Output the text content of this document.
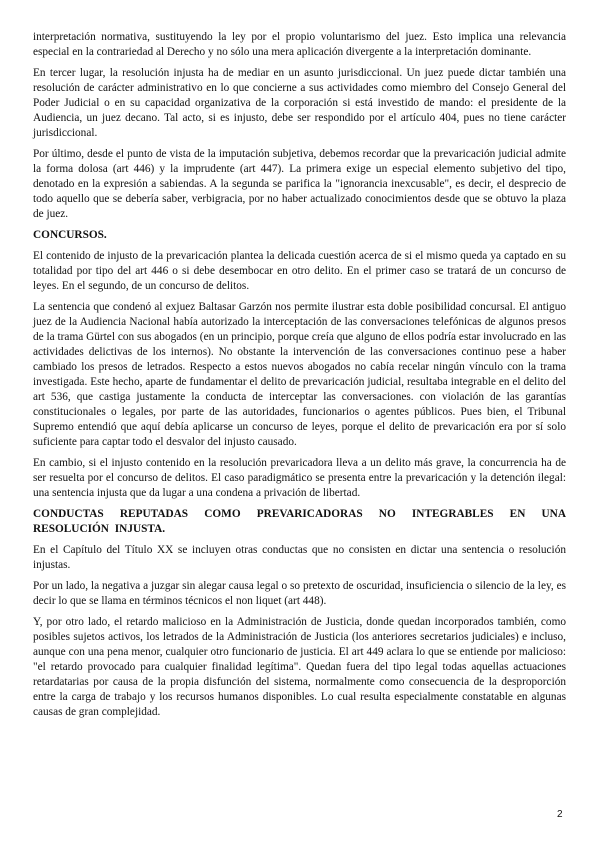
interpretación normativa, sustituyendo la ley por el propio voluntarismo del juez. Esto implica una relevancia especial en la contrariedad al Derecho y no sólo una mera aplicación divergente a la interpretación dominante.

En tercer lugar, la resolución injusta ha de mediar en un asunto jurisdiccional. Un juez puede dictar también una resolución de carácter administrativo en lo que concierne a sus actividades como miembro del Consejo General del Poder Judicial o en su capacidad organizativa de la corporación si está investido de mando: el presidente de la Audiencia, un juez decano. Tal acto, si es injusto, debe ser respondido por el artículo 404, pues no tiene carácter jurisdiccional.

Por último, desde el punto de vista de la imputación subjetiva, debemos recordar que la prevaricación judicial admite la forma dolosa (art 446) y la imprudente (art 447). La primera exige un especial elemento subjetivo del tipo, denotado en la expresión a sabiendas. A la segunda se parifica la "ignorancia inexcusable", es decir, el desprecio de todo aquello que se debería saber, verbigracia, por no haber actualizado conocimientos desde que se obtuvo la plaza de juez.

CONCURSOS.

El contenido de injusto de la prevaricación plantea la delicada cuestión acerca de si el mismo queda ya captado en su totalidad por tipo del art 446 o si debe desembocar en otro delito. En el primer caso se tratará de un concurso de leyes. En el segundo, de un concurso de delitos.

La sentencia que condenó al exjuez Baltasar Garzón nos permite ilustrar esta doble posibilidad concursal. El antiguo juez de la Audiencia Nacional había autorizado la interceptación de las conversaciones telefónicas de algunos presos de la trama Gürtel con sus abogados (en un principio, porque creía que alguno de ellos podría estar involucrado en las actividades delictivas de los internos). No obstante la intervención de las conversaciones continuo pese a haber cambiado los presos de letrados. Respecto a estos nuevos abogados no cabía recelar ningún vínculo con la trama investigada. Este hecho, aparte de fundamentar el delito de prevaricación judicial, resultaba integrable en el delito del art 536, que castiga justamente la conducta de interceptar las conversaciones. con violación de las garantías constitucionales o legales, por parte de las autoridades, funcionarios o agentes públicos. Pues bien, el Tribunal Supremo entendió que aquí debía aplicarse un concurso de leyes, porque el delito de prevaricación era por sí solo suficiente para captar todo el desvalor del injusto causado.

En cambio, si el injusto contenido en la resolución prevaricadora lleva a un delito más grave, la concurrencia ha de ser resuelta por el concurso de delitos. El caso paradigmático se presenta entre la prevaricación y la detención ilegal: una sentencia injusta que da lugar a una condena a privación de libertad.

CONDUCTAS REPUTADAS COMO PREVARICADORAS NO INTEGRABLES EN UNA RESOLUCIÓN INJUSTA.

En el Capítulo del Título XX se incluyen otras conductas que no consisten en dictar una sentencia o resolución injustas.

Por un lado, la negativa a juzgar sin alegar causa legal o so pretexto de oscuridad, insuficiencia o silencio de la ley, es decir lo que se llama en términos técnicos el non liquet (art 448).

Y, por otro lado, el retardo malicioso en la Administración de Justicia, donde quedan incorporados también, como posibles sujetos activos, los letrados de la Administración de Justicia (los anteriores secretarios judiciales) e incluso, aunque con una pena menor, cualquier otro funcionario de justicia. El art 449 aclara lo que se entiende por malicioso: "el retardo provocado para cualquier finalidad legítima". Quedan fuera del tipo legal todas aquellas actuaciones retardatarias por causa de la propia disfunción del sistema, normalmente como consecuencia de la desproporción entre la carga de trabajo y los recursos humanos disponibles. Lo cual resulta especialmente constatable en algunas causas de gran complejidad.

2
